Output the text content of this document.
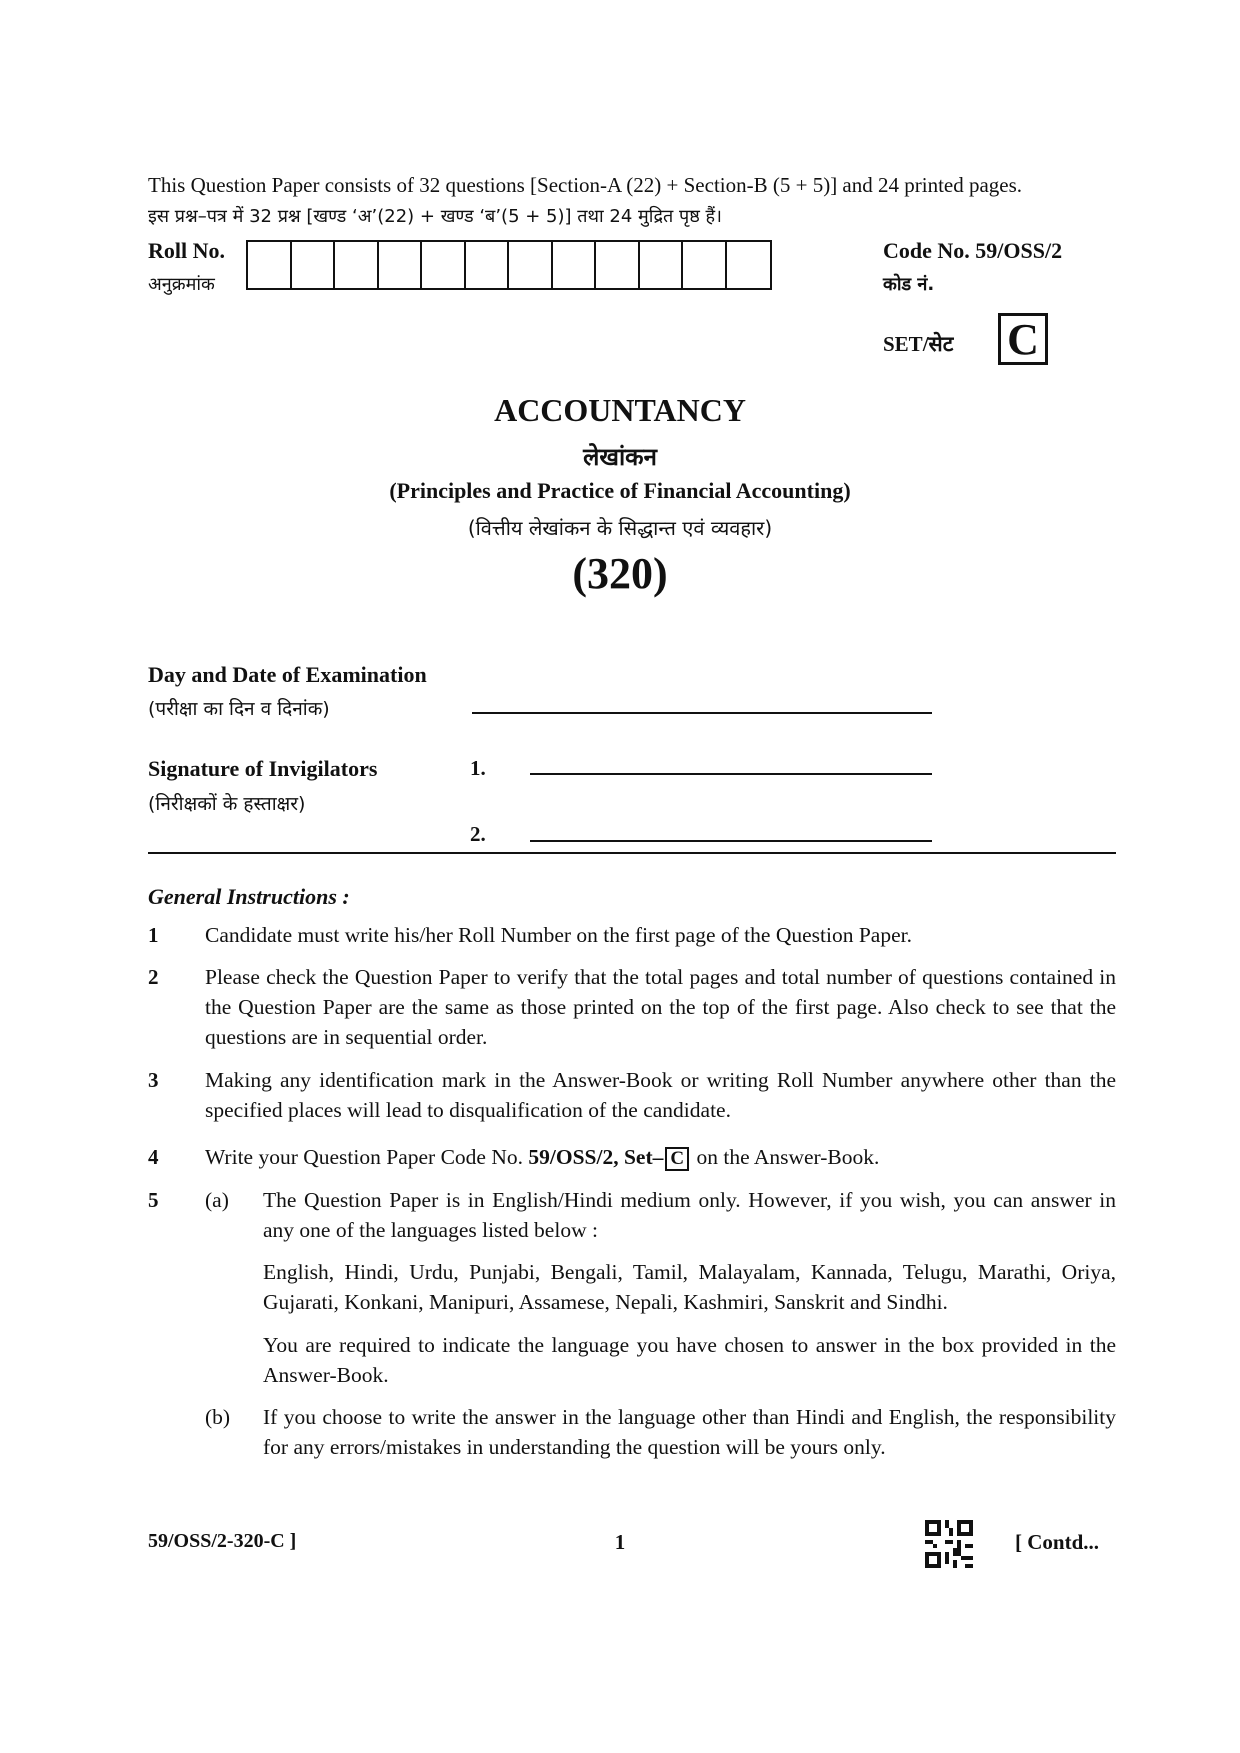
This Question Paper consists of 32 questions [Section-A (22) + Section-B (5 + 5)] and 24 printed pages.
इस प्रश्न–पत्र में 32 प्रश्न [खण्ड ‘अ’(22) + खण्ड ‘ब’(5 + 5)] तथा 24 मुद्रित पृष्ठ हैं।
Roll No.
अनुक्रमांक
Code No. 59/OSS/2
कोड नं.
SET/सेट C
ACCOUNTANCY
लेखांकन
(Principles and Practice of Financial Accounting)
(वित्तीय लेखांकन के सिद्धान्त एवं व्यवहार)
(320)
Day and Date of Examination
(परीक्षा का दिन व दिनांक)
Signature of Invigilators
(निरीक्षकों के हस्ताक्षर)
1.
2.
General Instructions :
1 Candidate must write his/her Roll Number on the first page of the Question Paper.
2 Please check the Question Paper to verify that the total pages and total number of questions contained in the Question Paper are the same as those printed on the top of the first page. Also check to see that the questions are in sequential order.
3 Making any identification mark in the Answer-Book or writing Roll Number anywhere other than the specified places will lead to disqualification of the candidate.
4 Write your Question Paper Code No. 59/OSS/2, Set– C on the Answer-Book.
5 (a) The Question Paper is in English/Hindi medium only. However, if you wish, you can answer in any one of the languages listed below :
English, Hindi, Urdu, Punjabi, Bengali, Tamil, Malayalam, Kannada, Telugu, Marathi, Oriya, Gujarati, Konkani, Manipuri, Assamese, Nepali, Kashmiri, Sanskrit and Sindhi.
You are required to indicate the language you have chosen to answer in the box provided in the Answer-Book.
(b) If you choose to write the answer in the language other than Hindi and English, the responsibility for any errors/mistakes in understanding the question will be yours only.
59/OSS/2-320-C ]	1	[ Contd...
